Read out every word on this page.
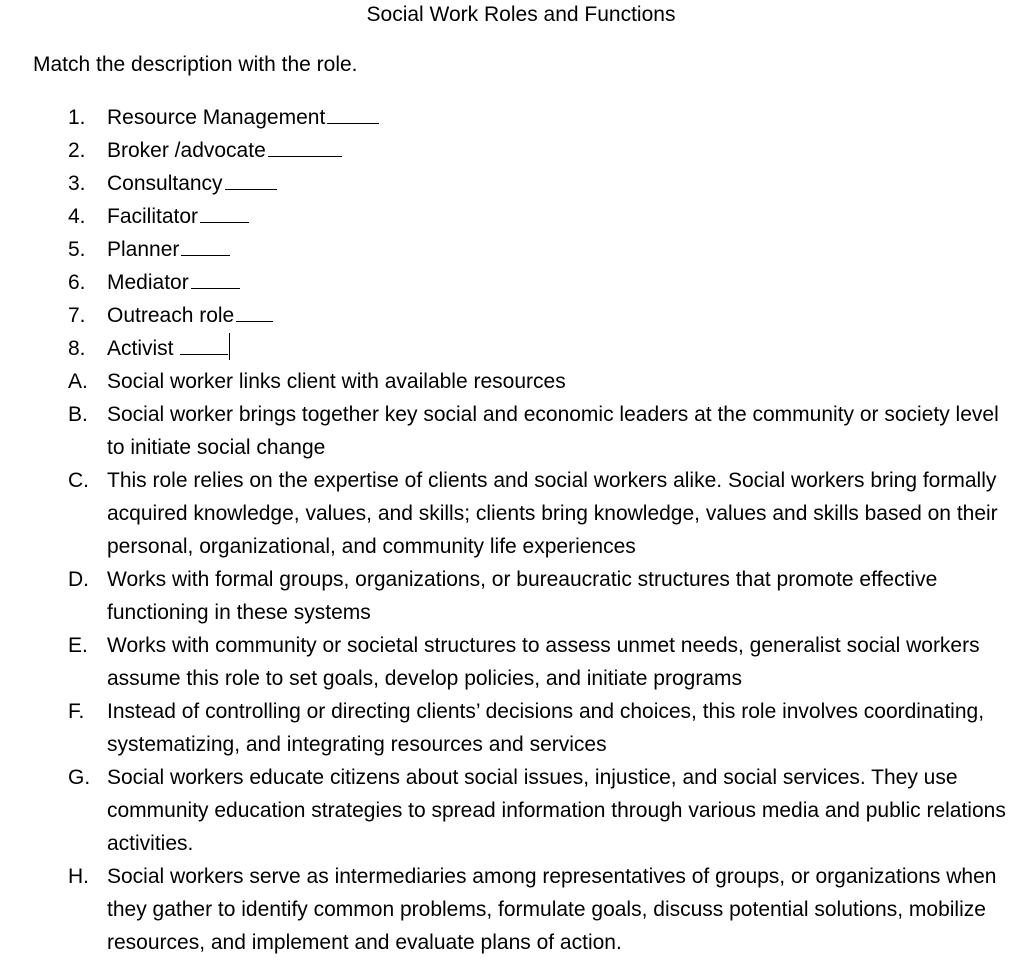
Social Work Roles and Functions
Match the description with the role.
1.	Resource Management
2.	Broker /advocate
3.	Consultancy
4.	Facilitator
5.	Planner
6.	Mediator
7.	Outreach role
8.	Activist
A. Social worker links client with available resources
B. Social worker brings together key social and economic leaders at the community or society level to initiate social change
C. This role relies on the expertise of clients and social workers alike. Social workers bring formally acquired knowledge, values, and skills; clients bring knowledge, values and skills based on their personal, organizational, and community life experiences
D. Works with formal groups, organizations, or bureaucratic structures that promote effective functioning in these systems
E. Works with community or societal structures to assess unmet needs, generalist social workers assume this role to set goals, develop policies, and initiate programs
F.	Instead of controlling or directing clients’ decisions and choices, this role involves coordinating, systematizing, and integrating resources and services
G. Social workers educate citizens about social issues, injustice, and social services. They use community education strategies to spread information through various media and public relations activities.
H. Social workers serve as intermediaries among representatives of groups, or organizations when they gather to identify common problems, formulate goals, discuss potential solutions, mobilize resources, and implement and evaluate plans of action.
